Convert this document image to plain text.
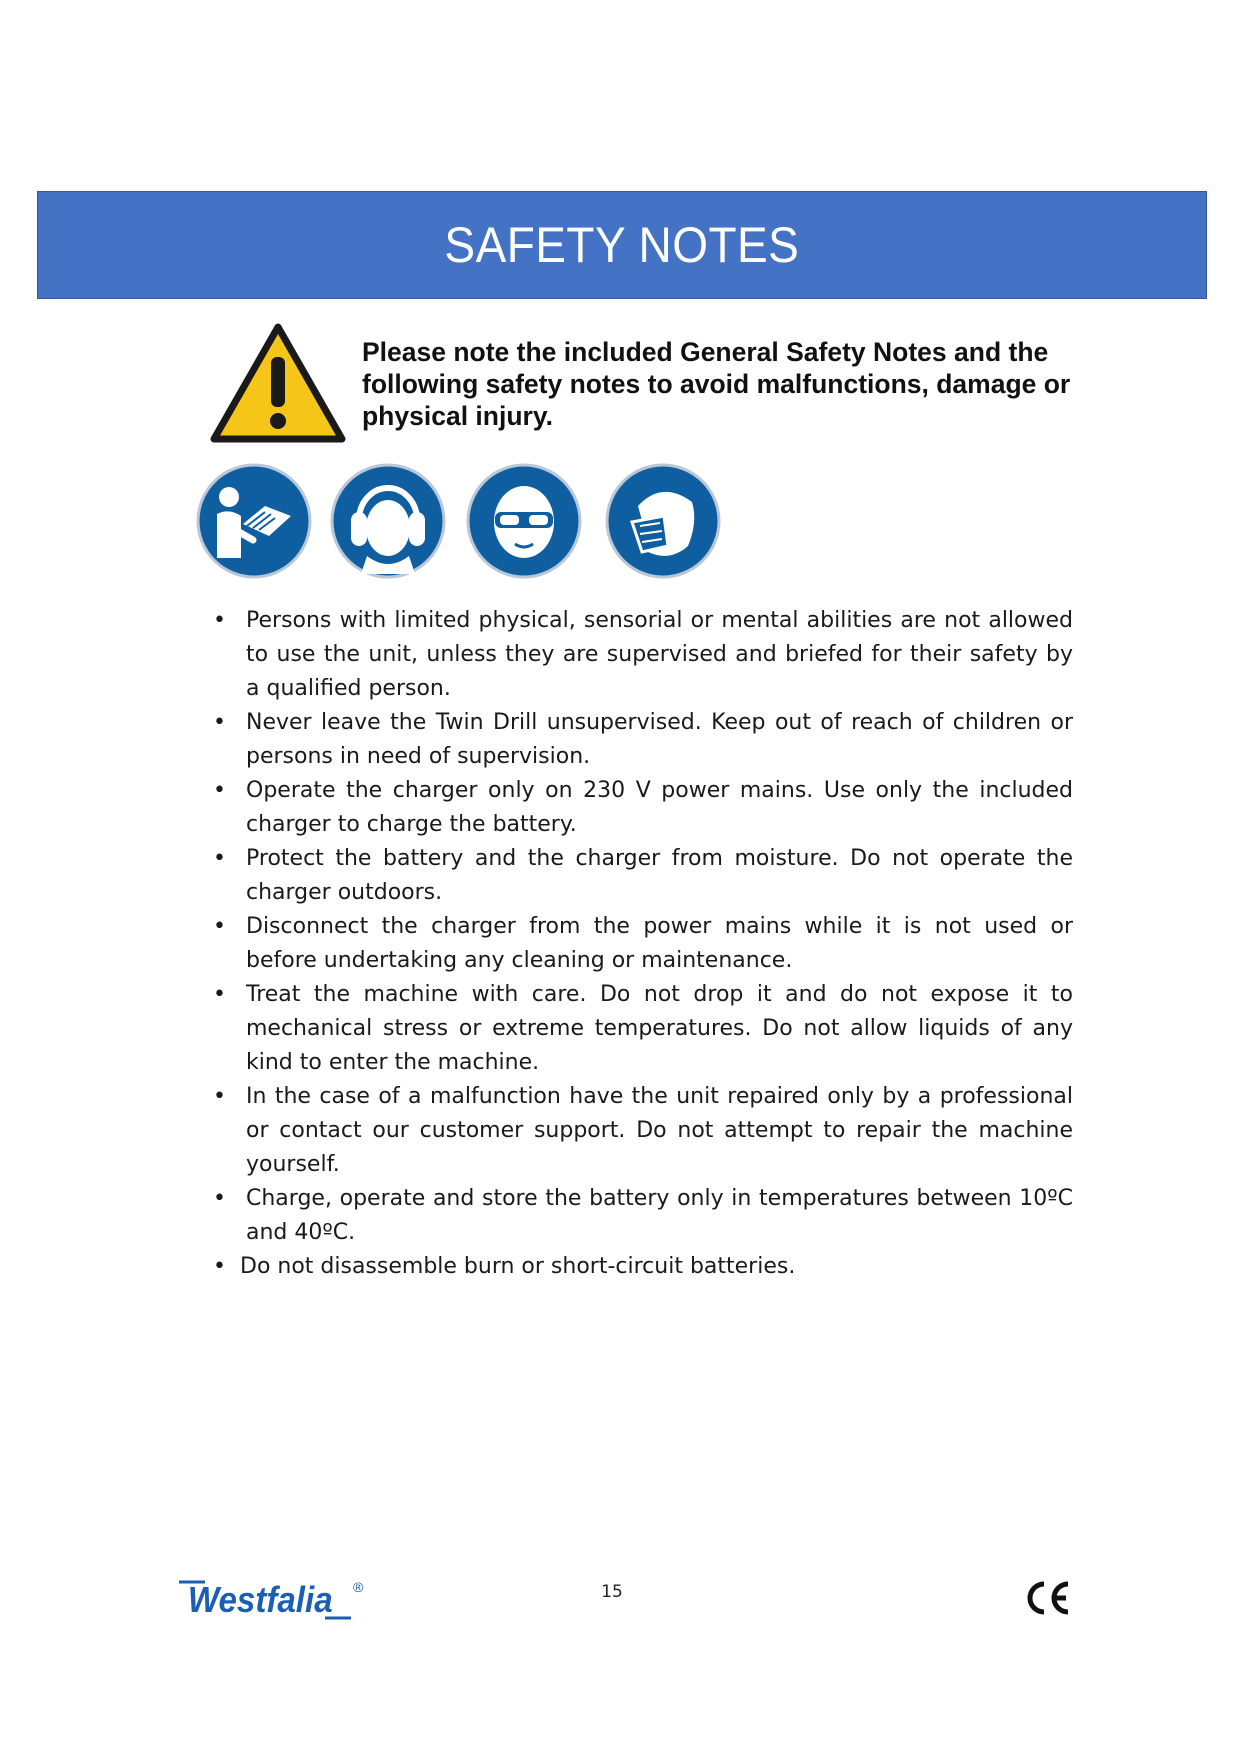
SAFETY NOTES
Please note the included General Safety Notes and the following safety notes to avoid malfunctions, damage or physical injury.
• Persons with limited physical, sensorial or mental abilities are not allowed to use the unit, unless they are supervised and briefed for their safety by a qualified person.
• Never leave the Twin Drill unsupervised. Keep out of reach of children or persons in need of supervision.
• Operate the charger only on 230 V power mains. Use only the included charger to charge the battery.
• Protect the battery and the charger from moisture. Do not operate the charger outdoors.
• Disconnect the charger from the power mains while it is not used or before undertaking any cleaning or maintenance.
• Treat the machine with care. Do not drop it and do not expose it to mechanical stress or extreme temperatures. Do not allow liquids of any kind to enter the machine.
• In the case of a malfunction have the unit repaired only by a professional or contact our customer support. Do not attempt to repair the machine yourself.
• Charge, operate and store the battery only in temperatures between 10ºC and 40ºC.
• Do not disassemble burn or short-circuit batteries.
Westfalia ®	15
